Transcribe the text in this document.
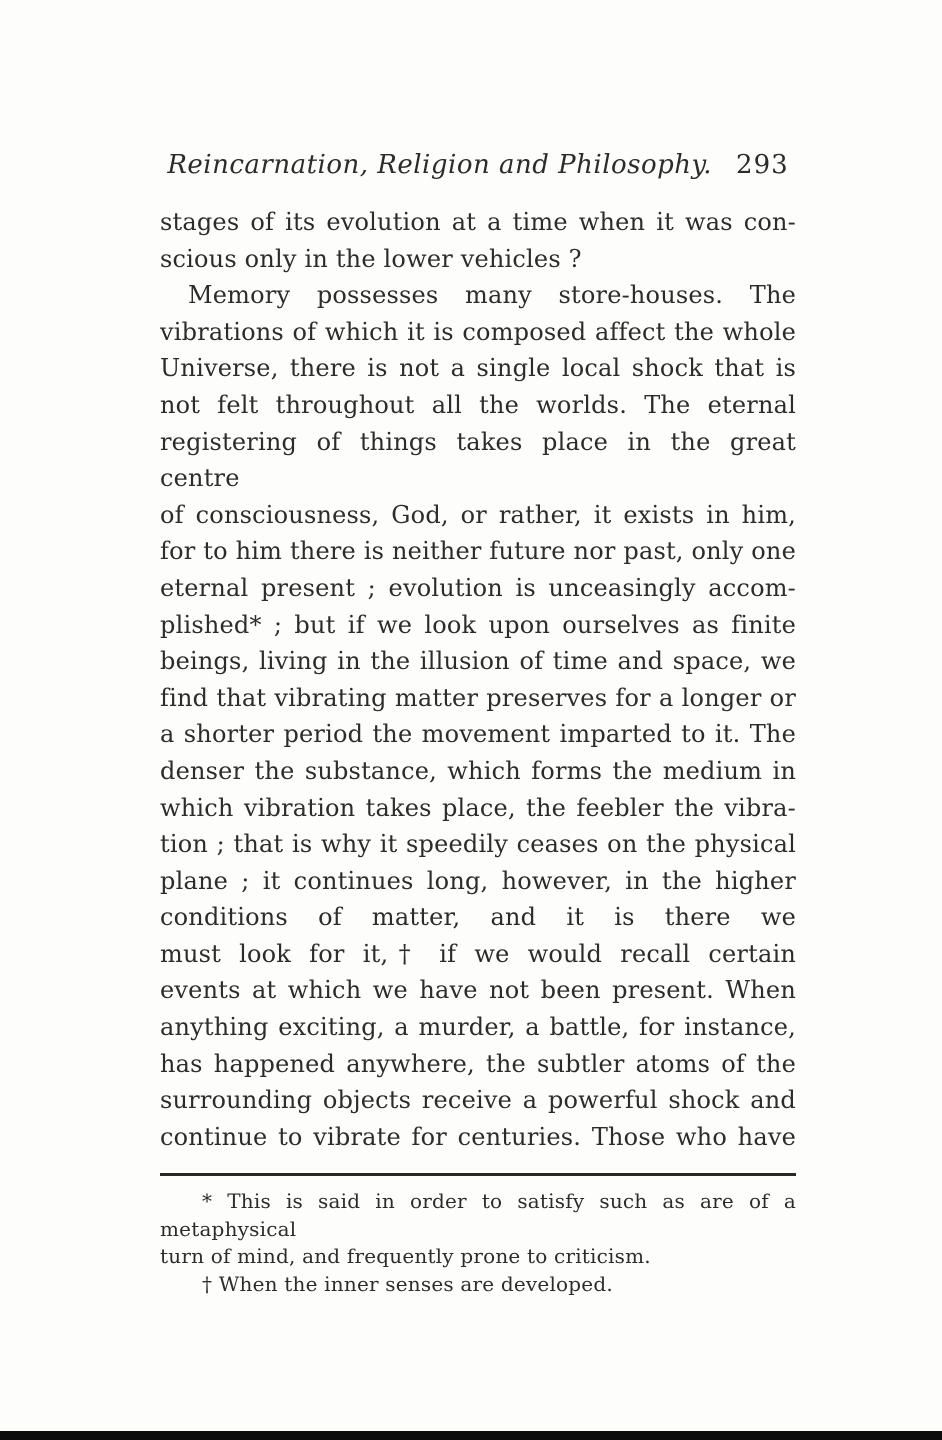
Reincarnation, Religion and Philosophy. 293
stages of its evolution at a time when it was con-
scious only in the lower vehicles ?
Memory possesses many store-houses. The
vibrations of which it is composed affect the whole
Universe, there is not a single local shock that is
not felt throughout all the worlds. The eternal
registering of things takes place in the great centre
of consciousness, God, or rather, it exists in him,
for to him there is neither future nor past, only one
eternal present ; evolution is unceasingly accom-
plished* ; but if we look upon ourselves as finite
beings, living in the illusion of time and space, we
find that vibrating matter preserves for a longer or
a shorter period the movement imparted to it. The
denser the substance, which forms the medium in
which vibration takes place, the feebler the vibra-
tion ; that is why it speedily ceases on the physical
plane ; it continues long, however, in the higher
conditions of matter, and it is there we
must look for it,† if we would recall certain
events at which we have not been present. When
anything exciting, a murder, a battle, for instance,
has happened anywhere, the subtler atoms of the
surrounding objects receive a powerful shock and
continue to vibrate for centuries. Those who have
* This is said in order to satisfy such as are of a metaphysical
turn of mind, and frequently prone to criticism.
† When the inner senses are developed.
